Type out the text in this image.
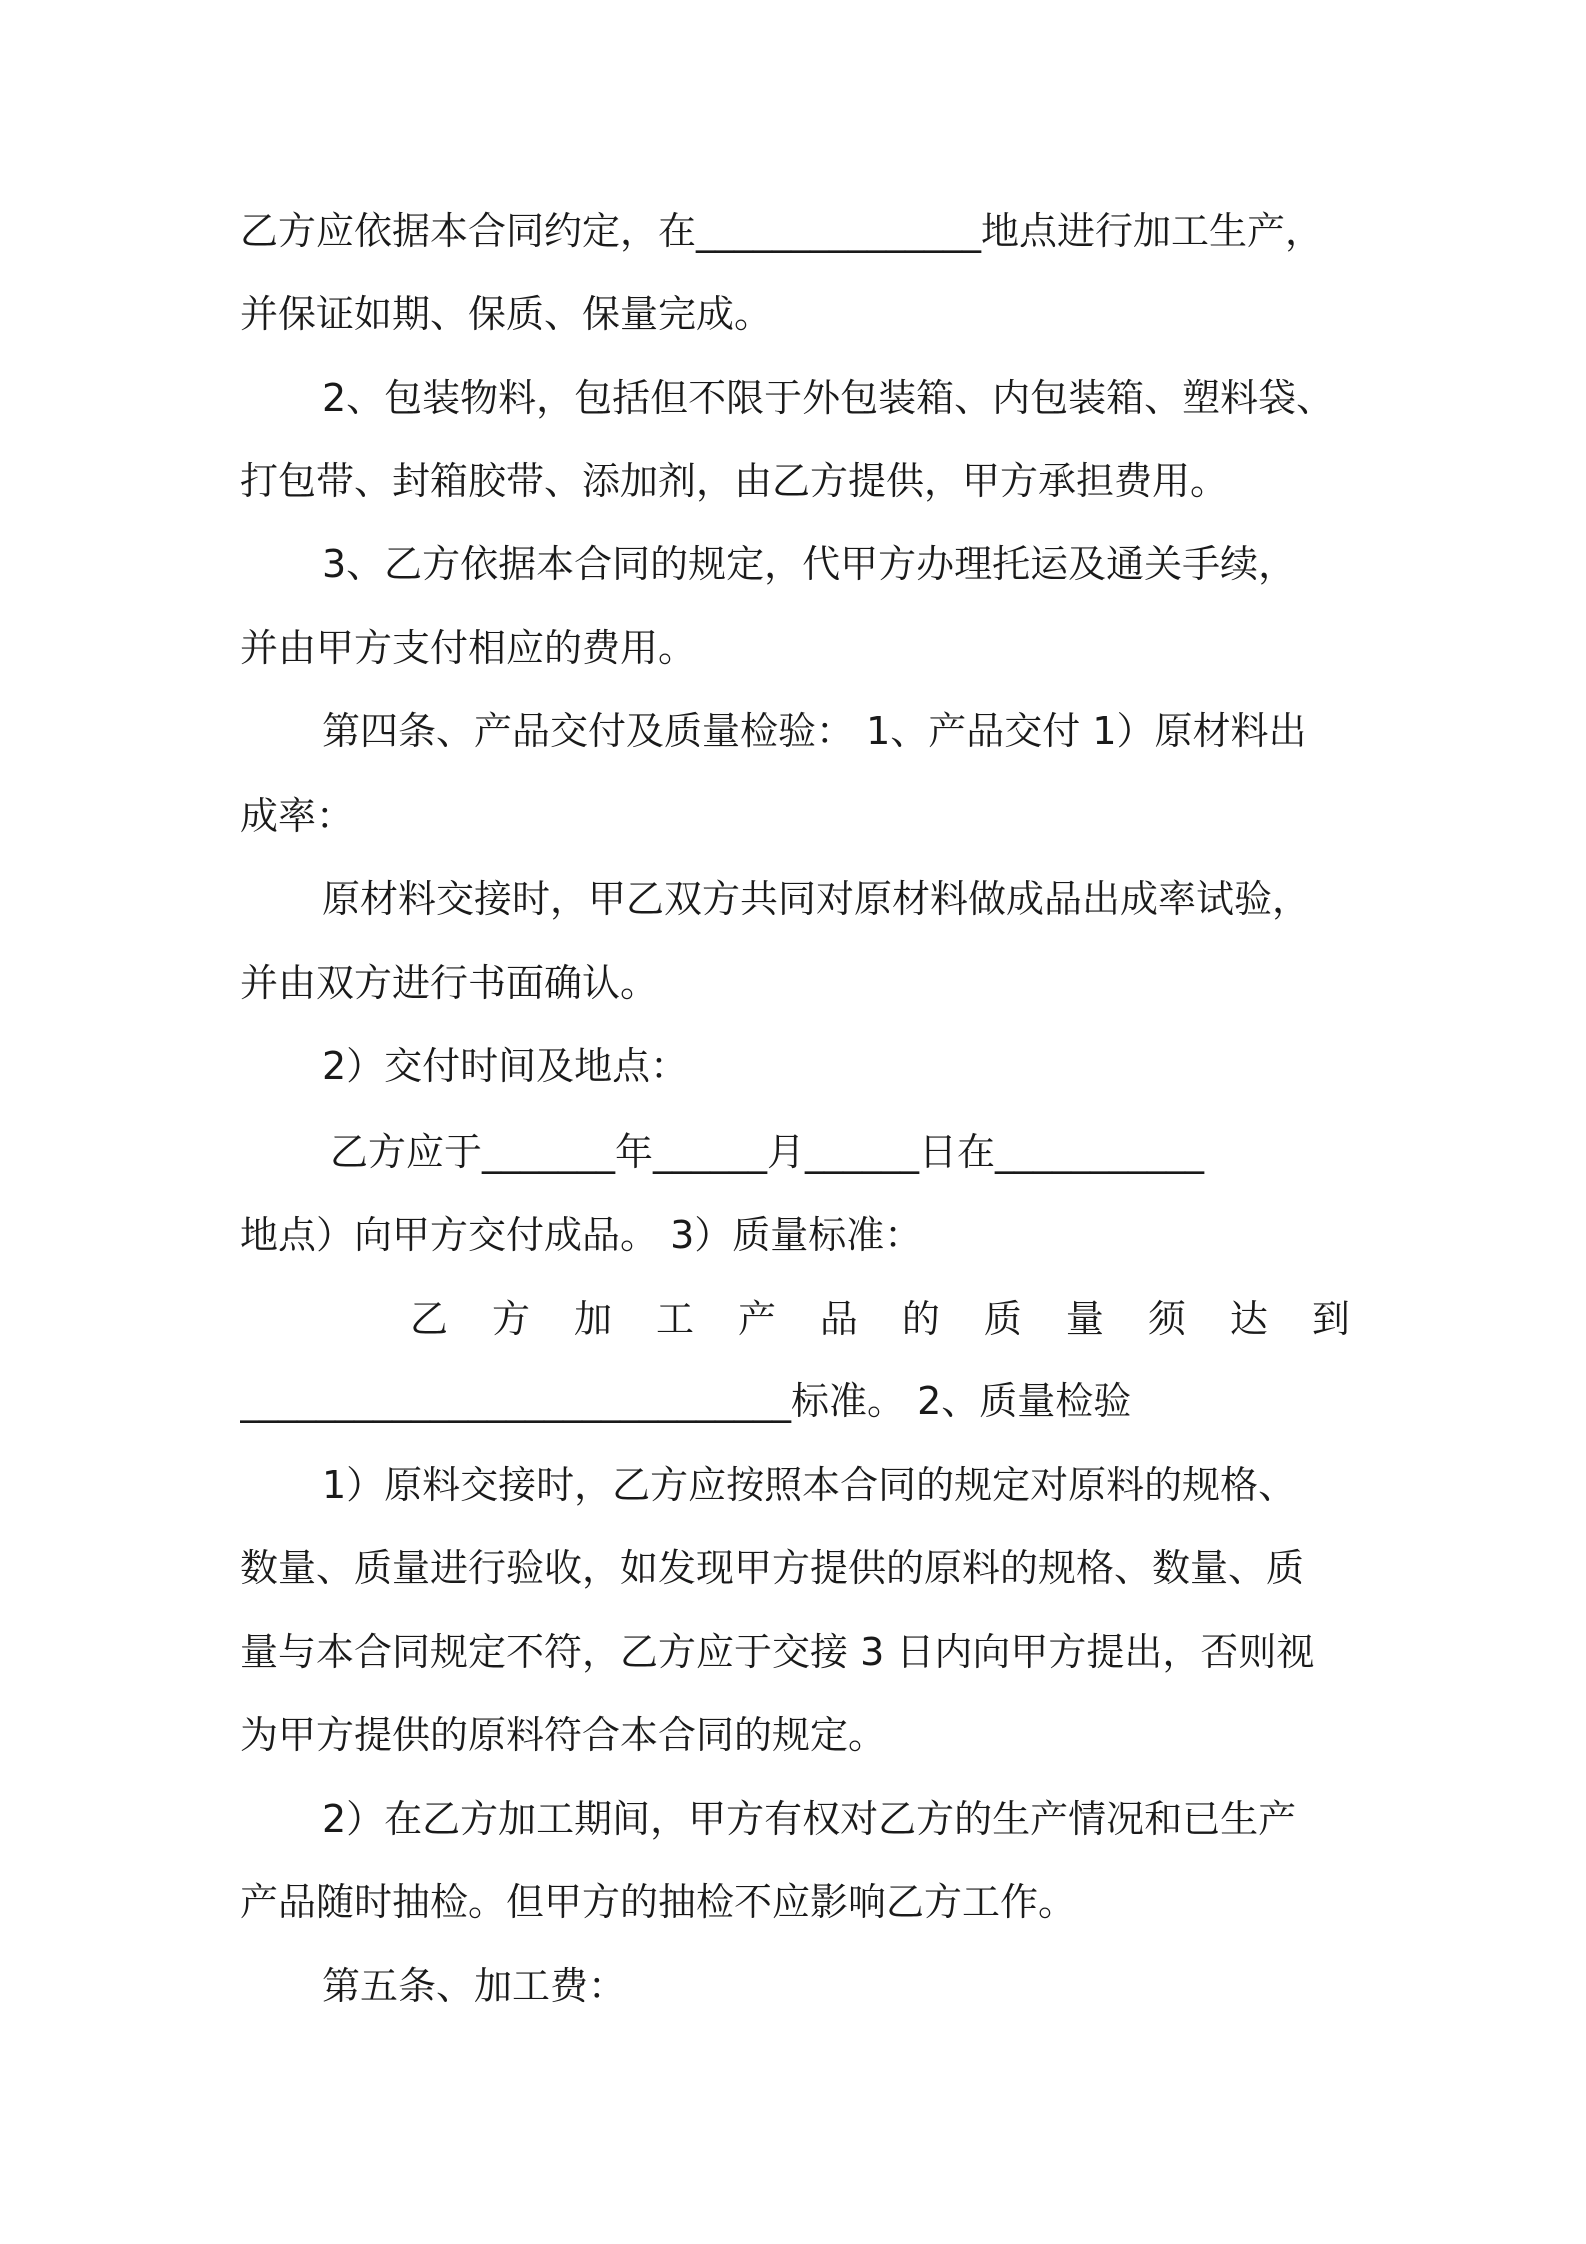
乙方应依据本合同约定，在_______________地点进行加工生产，
并保证如期、保质、保量完成。
2、包装物料，包括但不限于外包装箱、内包装箱、塑料袋、
打包带、封箱胶带、添加剂，由乙方提供，甲方承担费用。
3、乙方依据本合同的规定，代甲方办理托运及通关手续，
并由甲方支付相应的费用。
第四条、产品交付及质量检验： 1、产品交付 1）原材料出
成率：
原材料交接时，甲乙双方共同对原材料做成品出成率试验，
并由双方进行书面确认。
2）交付时间及地点：
乙方应于_______年______月______日在___________
地点）向甲方交付成品。 3）质量标准：
乙 方 加 工 产 品 的 质 量 须 达 到
_____________________________标准。 2、质量检验
1）原料交接时，乙方应按照本合同的规定对原料的规格、
数量、质量进行验收，如发现甲方提供的原料的规格、数量、质
量与本合同规定不符，乙方应于交接 3 日内向甲方提出，否则视
为甲方提供的原料符合本合同的规定。
2）在乙方加工期间，甲方有权对乙方的生产情况和已生产
产品随时抽检。但甲方的抽检不应影响乙方工作。
第五条、加工费：
